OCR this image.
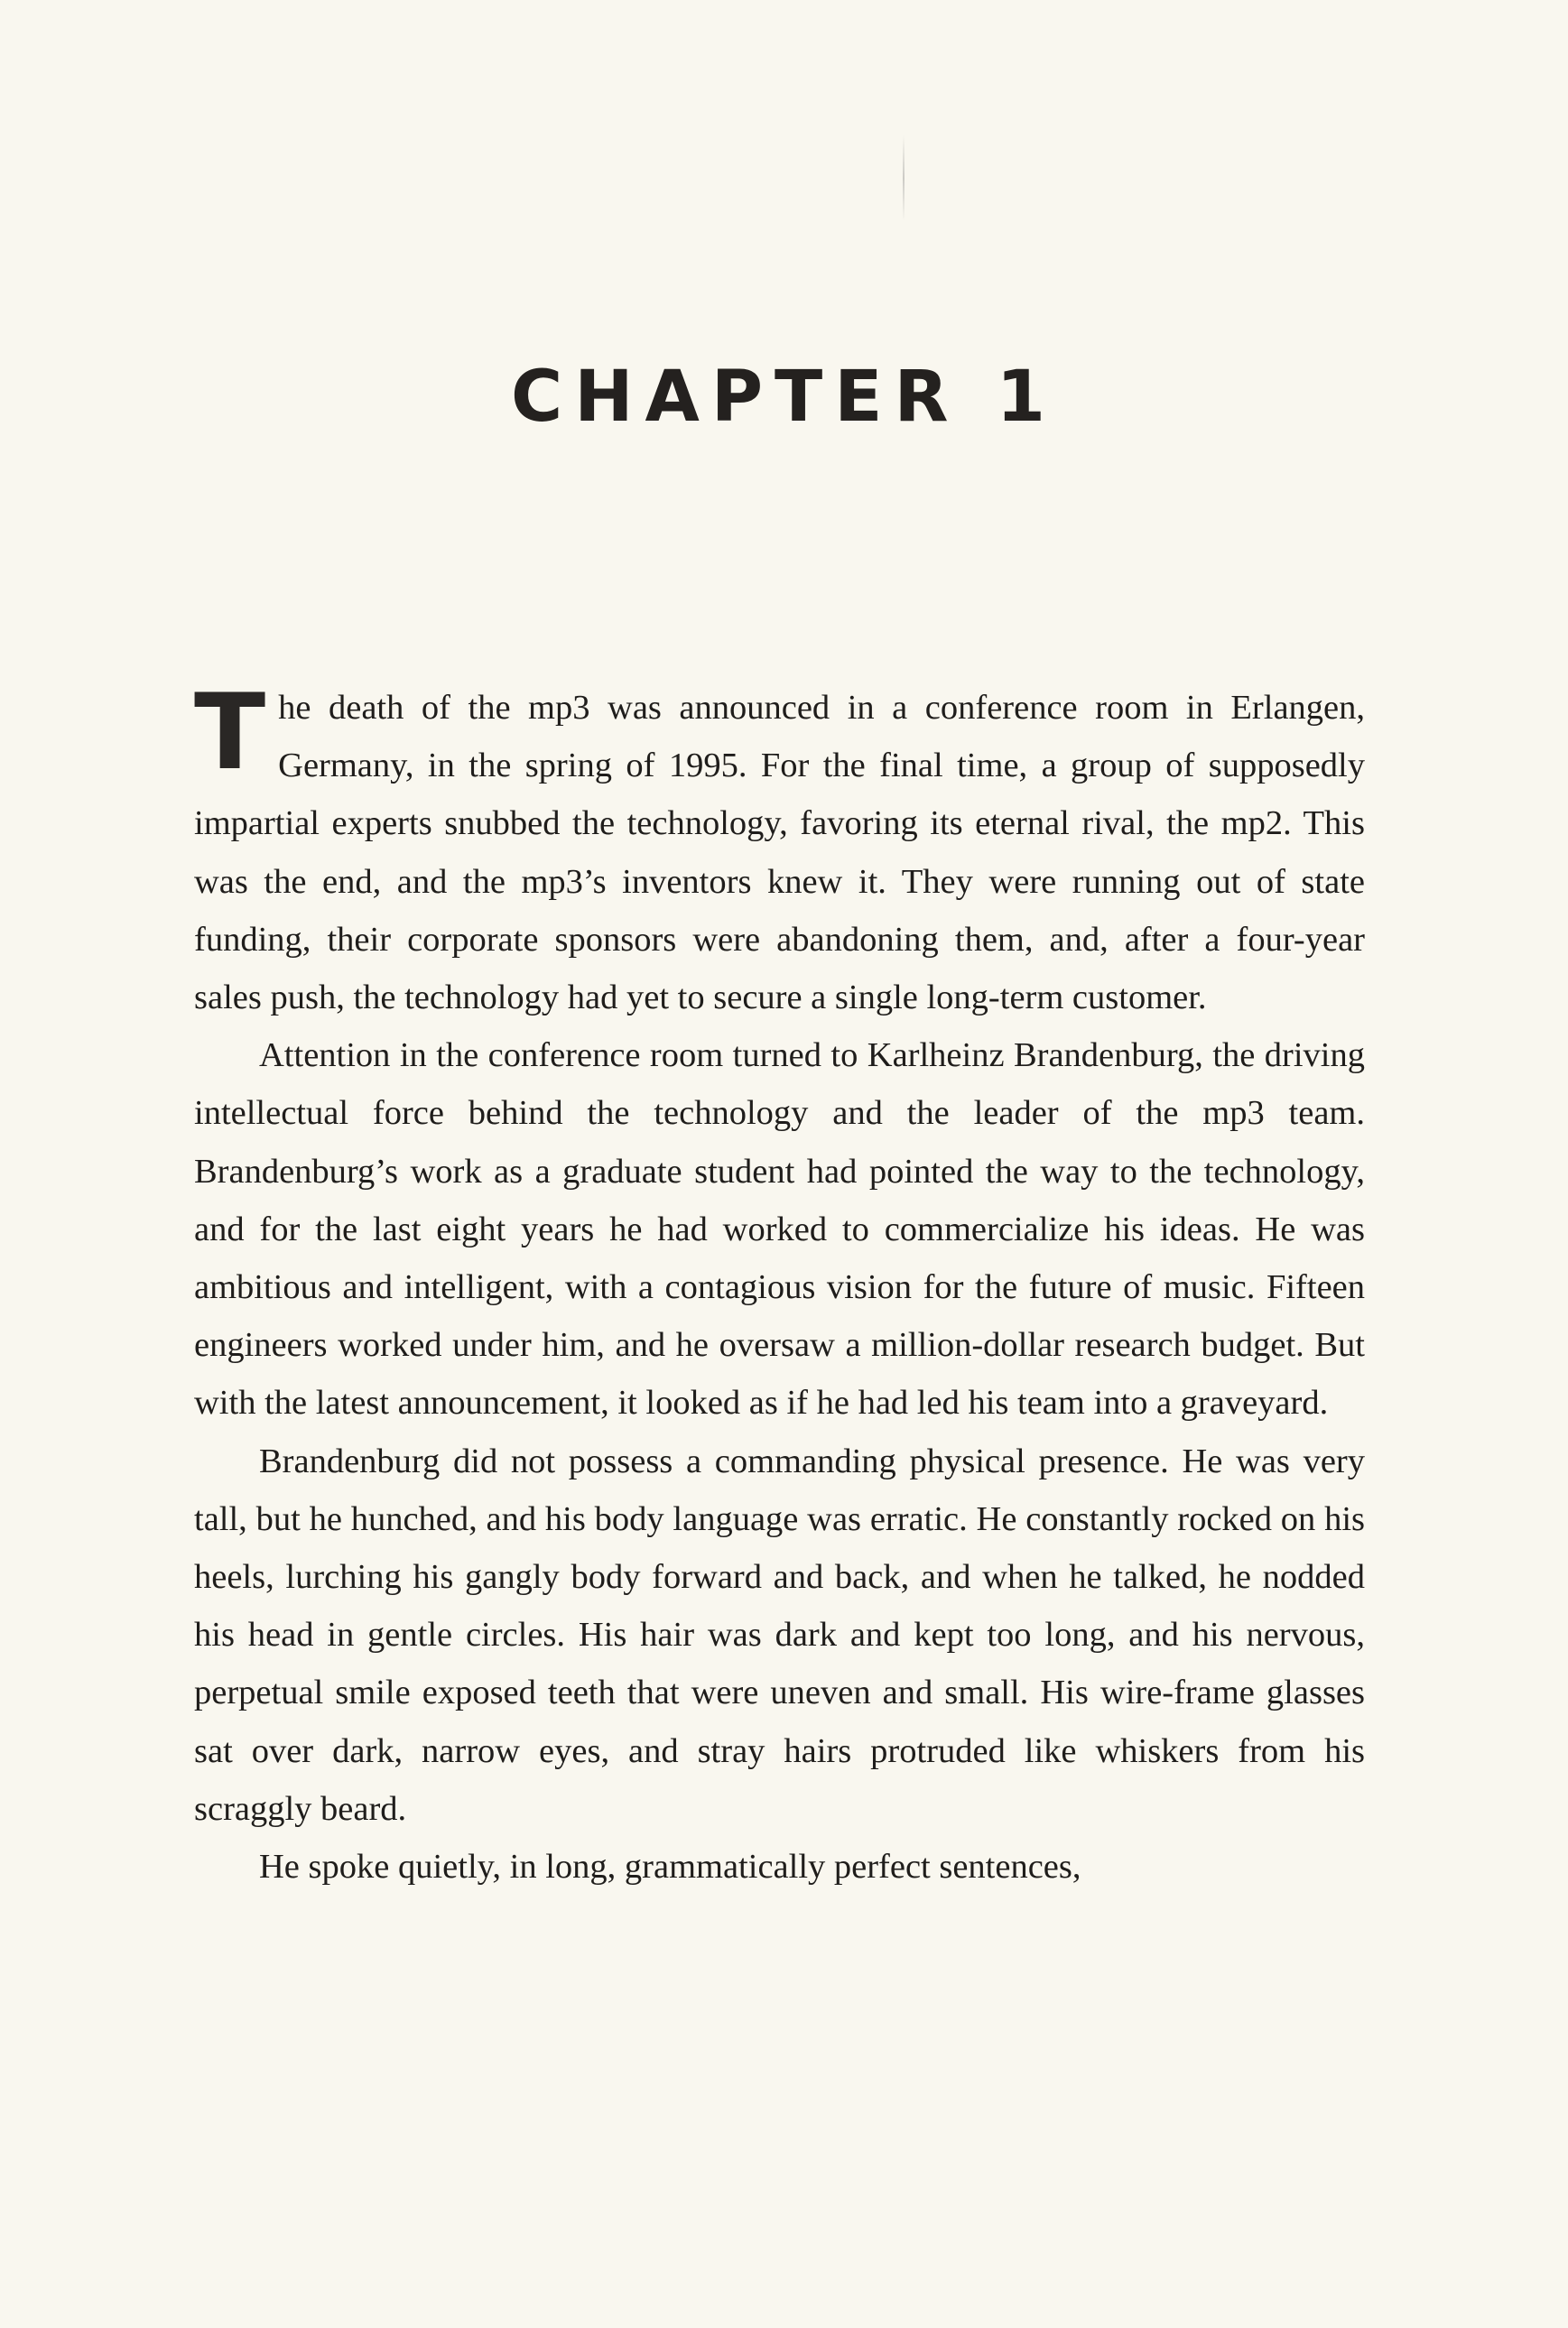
CHAPTER 1

The death of the mp3 was announced in a conference room in Erlangen, Germany, in the spring of 1995. For the final time, a group of supposedly impartial experts snubbed the technology, favoring its eternal rival, the mp2. This was the end, and the mp3’s inventors knew it. They were running out of state funding, their corporate sponsors were abandoning them, and, after a four-year sales push, the technology had yet to secure a single long-term customer.

Attention in the conference room turned to Karlheinz Brandenburg, the driving intellectual force behind the technology and the leader of the mp3 team. Brandenburg’s work as a graduate student had pointed the way to the technology, and for the last eight years he had worked to commercialize his ideas. He was ambitious and intelligent, with a contagious vision for the future of music. Fifteen engineers worked under him, and he oversaw a million-dollar research budget. But with the latest announcement, it looked as if he had led his team into a graveyard.

Brandenburg did not possess a commanding physical presence. He was very tall, but he hunched, and his body language was erratic. He constantly rocked on his heels, lurching his gangly body forward and back, and when he talked, he nodded his head in gentle circles. His hair was dark and kept too long, and his nervous, perpetual smile exposed teeth that were uneven and small. His wire-frame glasses sat over dark, narrow eyes, and stray hairs protruded like whiskers from his scraggly beard.

He spoke quietly, in long, grammatically perfect sentences,
